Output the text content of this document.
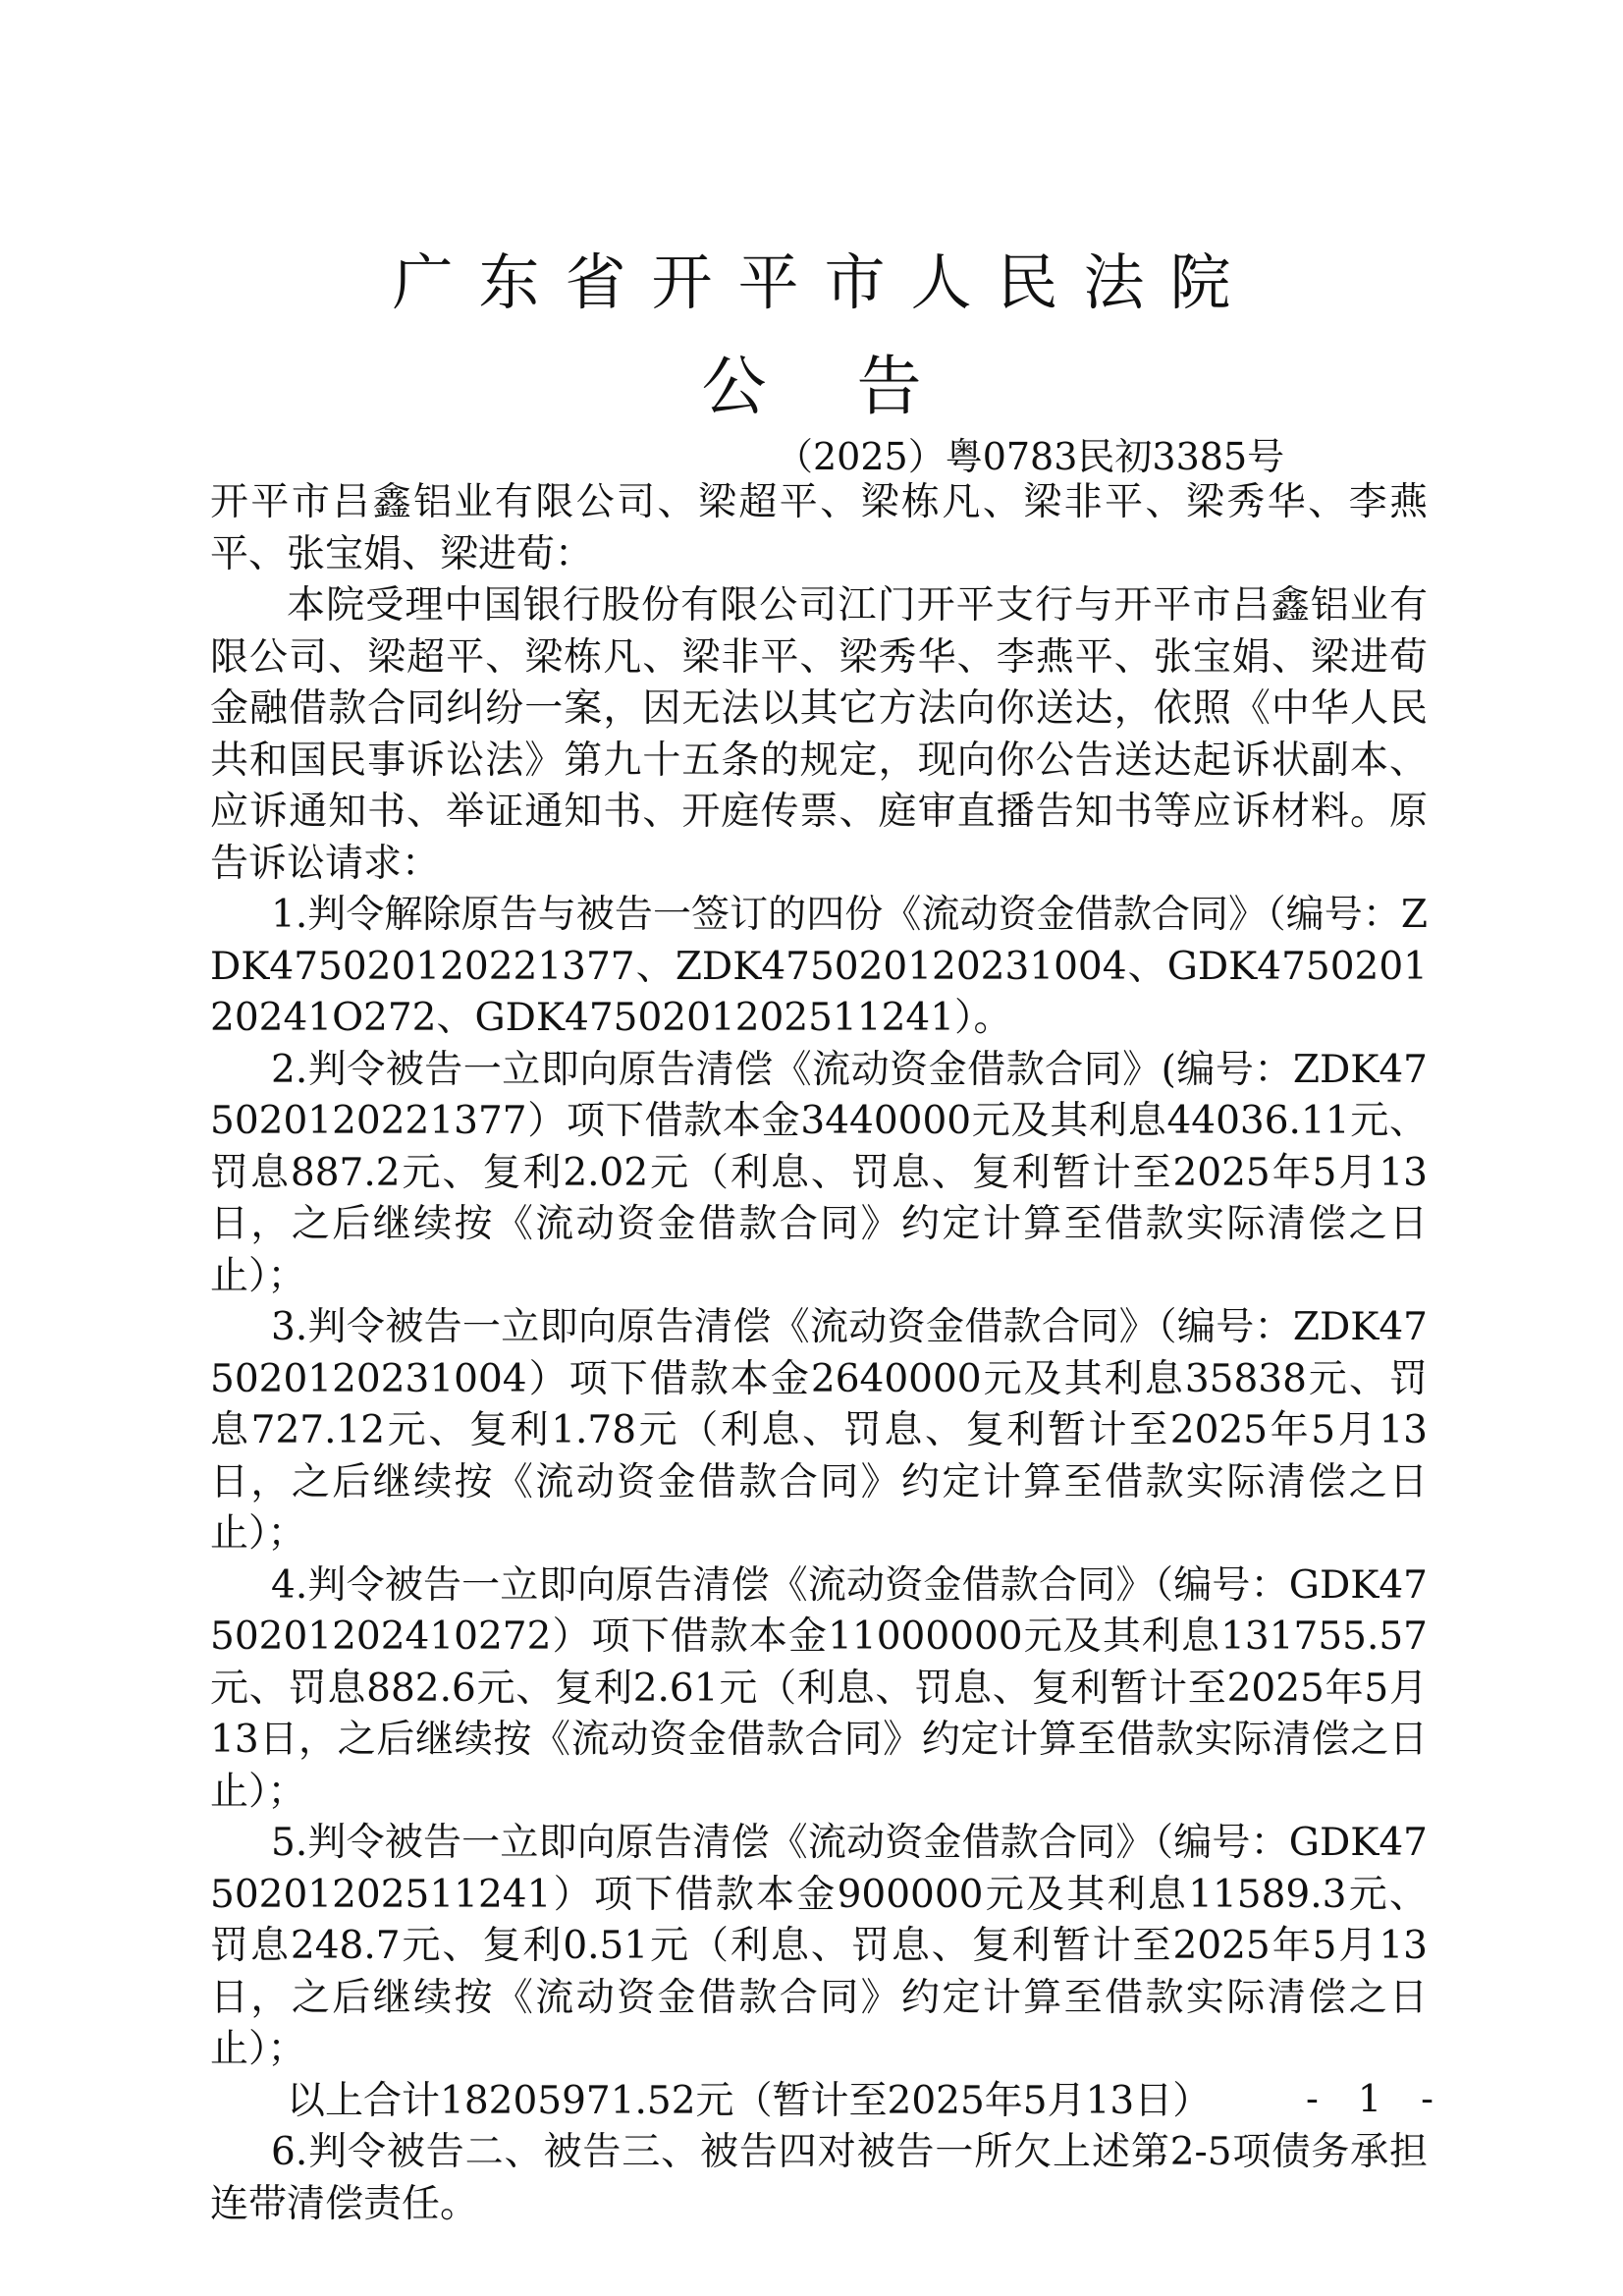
广东省开平市人民法院
公告
（2025）粤0783民初3385号

开平市吕鑫铝业有限公司、梁超平、梁栋凡、梁非平、梁秀华、李燕平、张宝娟、梁进荀：

本院受理中国银行股份有限公司江门开平支行与开平市吕鑫铝业有限公司、梁超平、梁栋凡、梁非平、梁秀华、李燕平、张宝娟、梁进荀金融借款合同纠纷一案，因无法以其它方法向你送达，依照《中华人民共和国民事诉讼法》第九十五条的规定，现向你公告送达起诉状副本、应诉通知书、举证通知书、开庭传票、庭审直播告知书等应诉材料。原告诉讼请求：

1.判令解除原告与被告一签订的四份《流动资金借款合同》（编号：ZDK475020120221377、ZDK475020120231004、GDK475020120241O272、GDK4750201202511241）。

2.判令被告一立即向原告清偿《流动资金借款合同》(编号：ZDK475020120221377）项下借款本金3440000元及其利息44036.11元、罚息887.2元、复利2.02元（利息、罚息、复利暂计至2025年5月13日，之后继续按《流动资金借款合同》约定计算至借款实际清偿之日止）；

3.判令被告一立即向原告清偿《流动资金借款合同》（编号：ZDK475020120231004）项下借款本金2640000元及其利息35838元、罚息727.12元、复利1.78元（利息、罚息、复利暂计至2025年5月13日，之后继续按《流动资金借款合同》约定计算至借款实际清偿之日止）；

4.判令被告一立即向原告清偿《流动资金借款合同》（编号：GDK4750201202410272）项下借款本金11000000元及其利息131755.57元、罚息882.6元、复利2.61元（利息、罚息、复利暂计至2025年5月13日，之后继续按《流动资金借款合同》约定计算至借款实际清偿之日止）；

5.判令被告一立即向原告清偿《流动资金借款合同》（编号：GDK4750201202511241）项下借款本金900000元及其利息11589.3元、罚息248.7元、复利0.51元（利息、罚息、复利暂计至2025年5月13日，之后继续按《流动资金借款合同》约定计算至借款实际清偿之日止）；

以上合计18205971.52元（暂计至2025年5月13日）

6.判令被告二、被告三、被告四对被告一所欠上述第2-5项债务承担连带清偿责任。

- 1 -
